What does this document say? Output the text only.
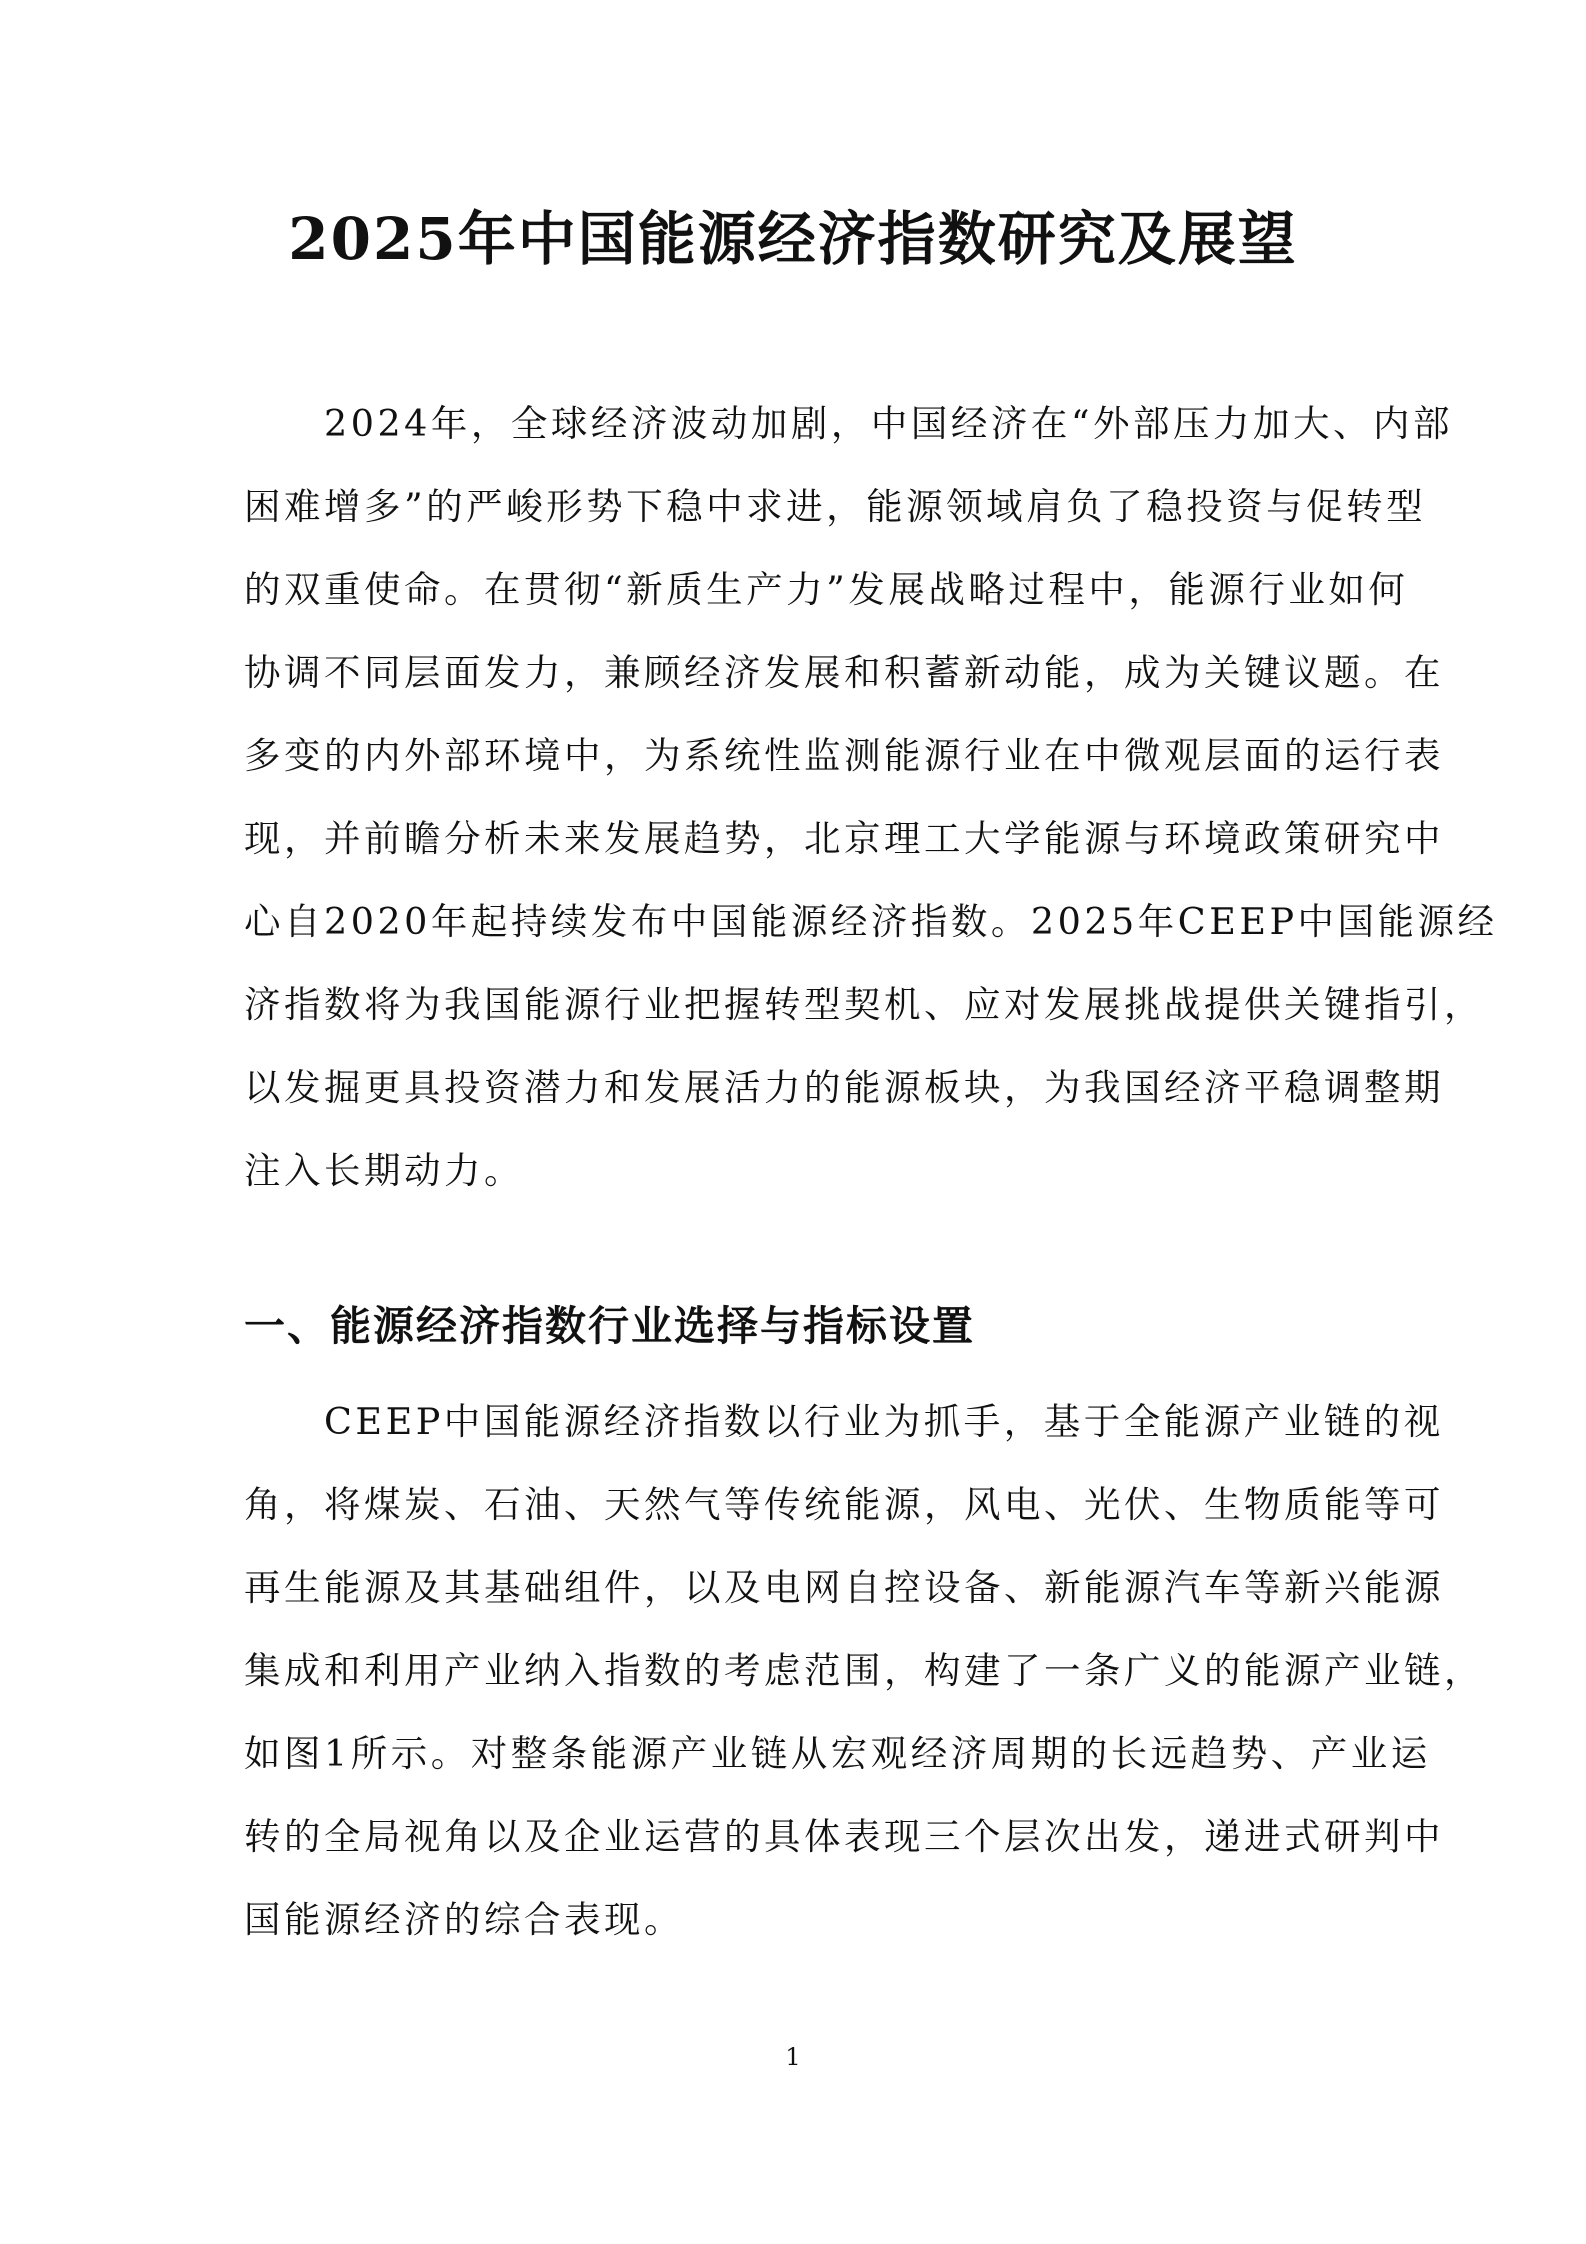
2025年中国能源经济指数研究及展望
　　2024年，全球经济波动加剧，中国经济在“外部压力加大、内部
困难增多”的严峻形势下稳中求进，能源领域肩负了稳投资与促转型
的双重使命。在贯彻“新质生产力”发展战略过程中，能源行业如何
协调不同层面发力，兼顾经济发展和积蓄新动能，成为关键议题。在
多变的内外部环境中，为系统性监测能源行业在中微观层面的运行表
现，并前瞻分析未来发展趋势，北京理工大学能源与环境政策研究中
心自2020年起持续发布中国能源经济指数。2025年CEEP中国能源经
济指数将为我国能源行业把握转型契机、应对发展挑战提供关键指引，
以发掘更具投资潜力和发展活力的能源板块，为我国经济平稳调整期
注入长期动力。
一、能源经济指数行业选择与指标设置
　　CEEP中国能源经济指数以行业为抓手，基于全能源产业链的视
角，将煤炭、石油、天然气等传统能源，风电、光伏、生物质能等可
再生能源及其基础组件，以及电网自控设备、新能源汽车等新兴能源
集成和利用产业纳入指数的考虑范围，构建了一条广义的能源产业链，
如图1所示。对整条能源产业链从宏观经济周期的长远趋势、产业运
转的全局视角以及企业运营的具体表现三个层次出发，递进式研判中
国能源经济的综合表现。
1
